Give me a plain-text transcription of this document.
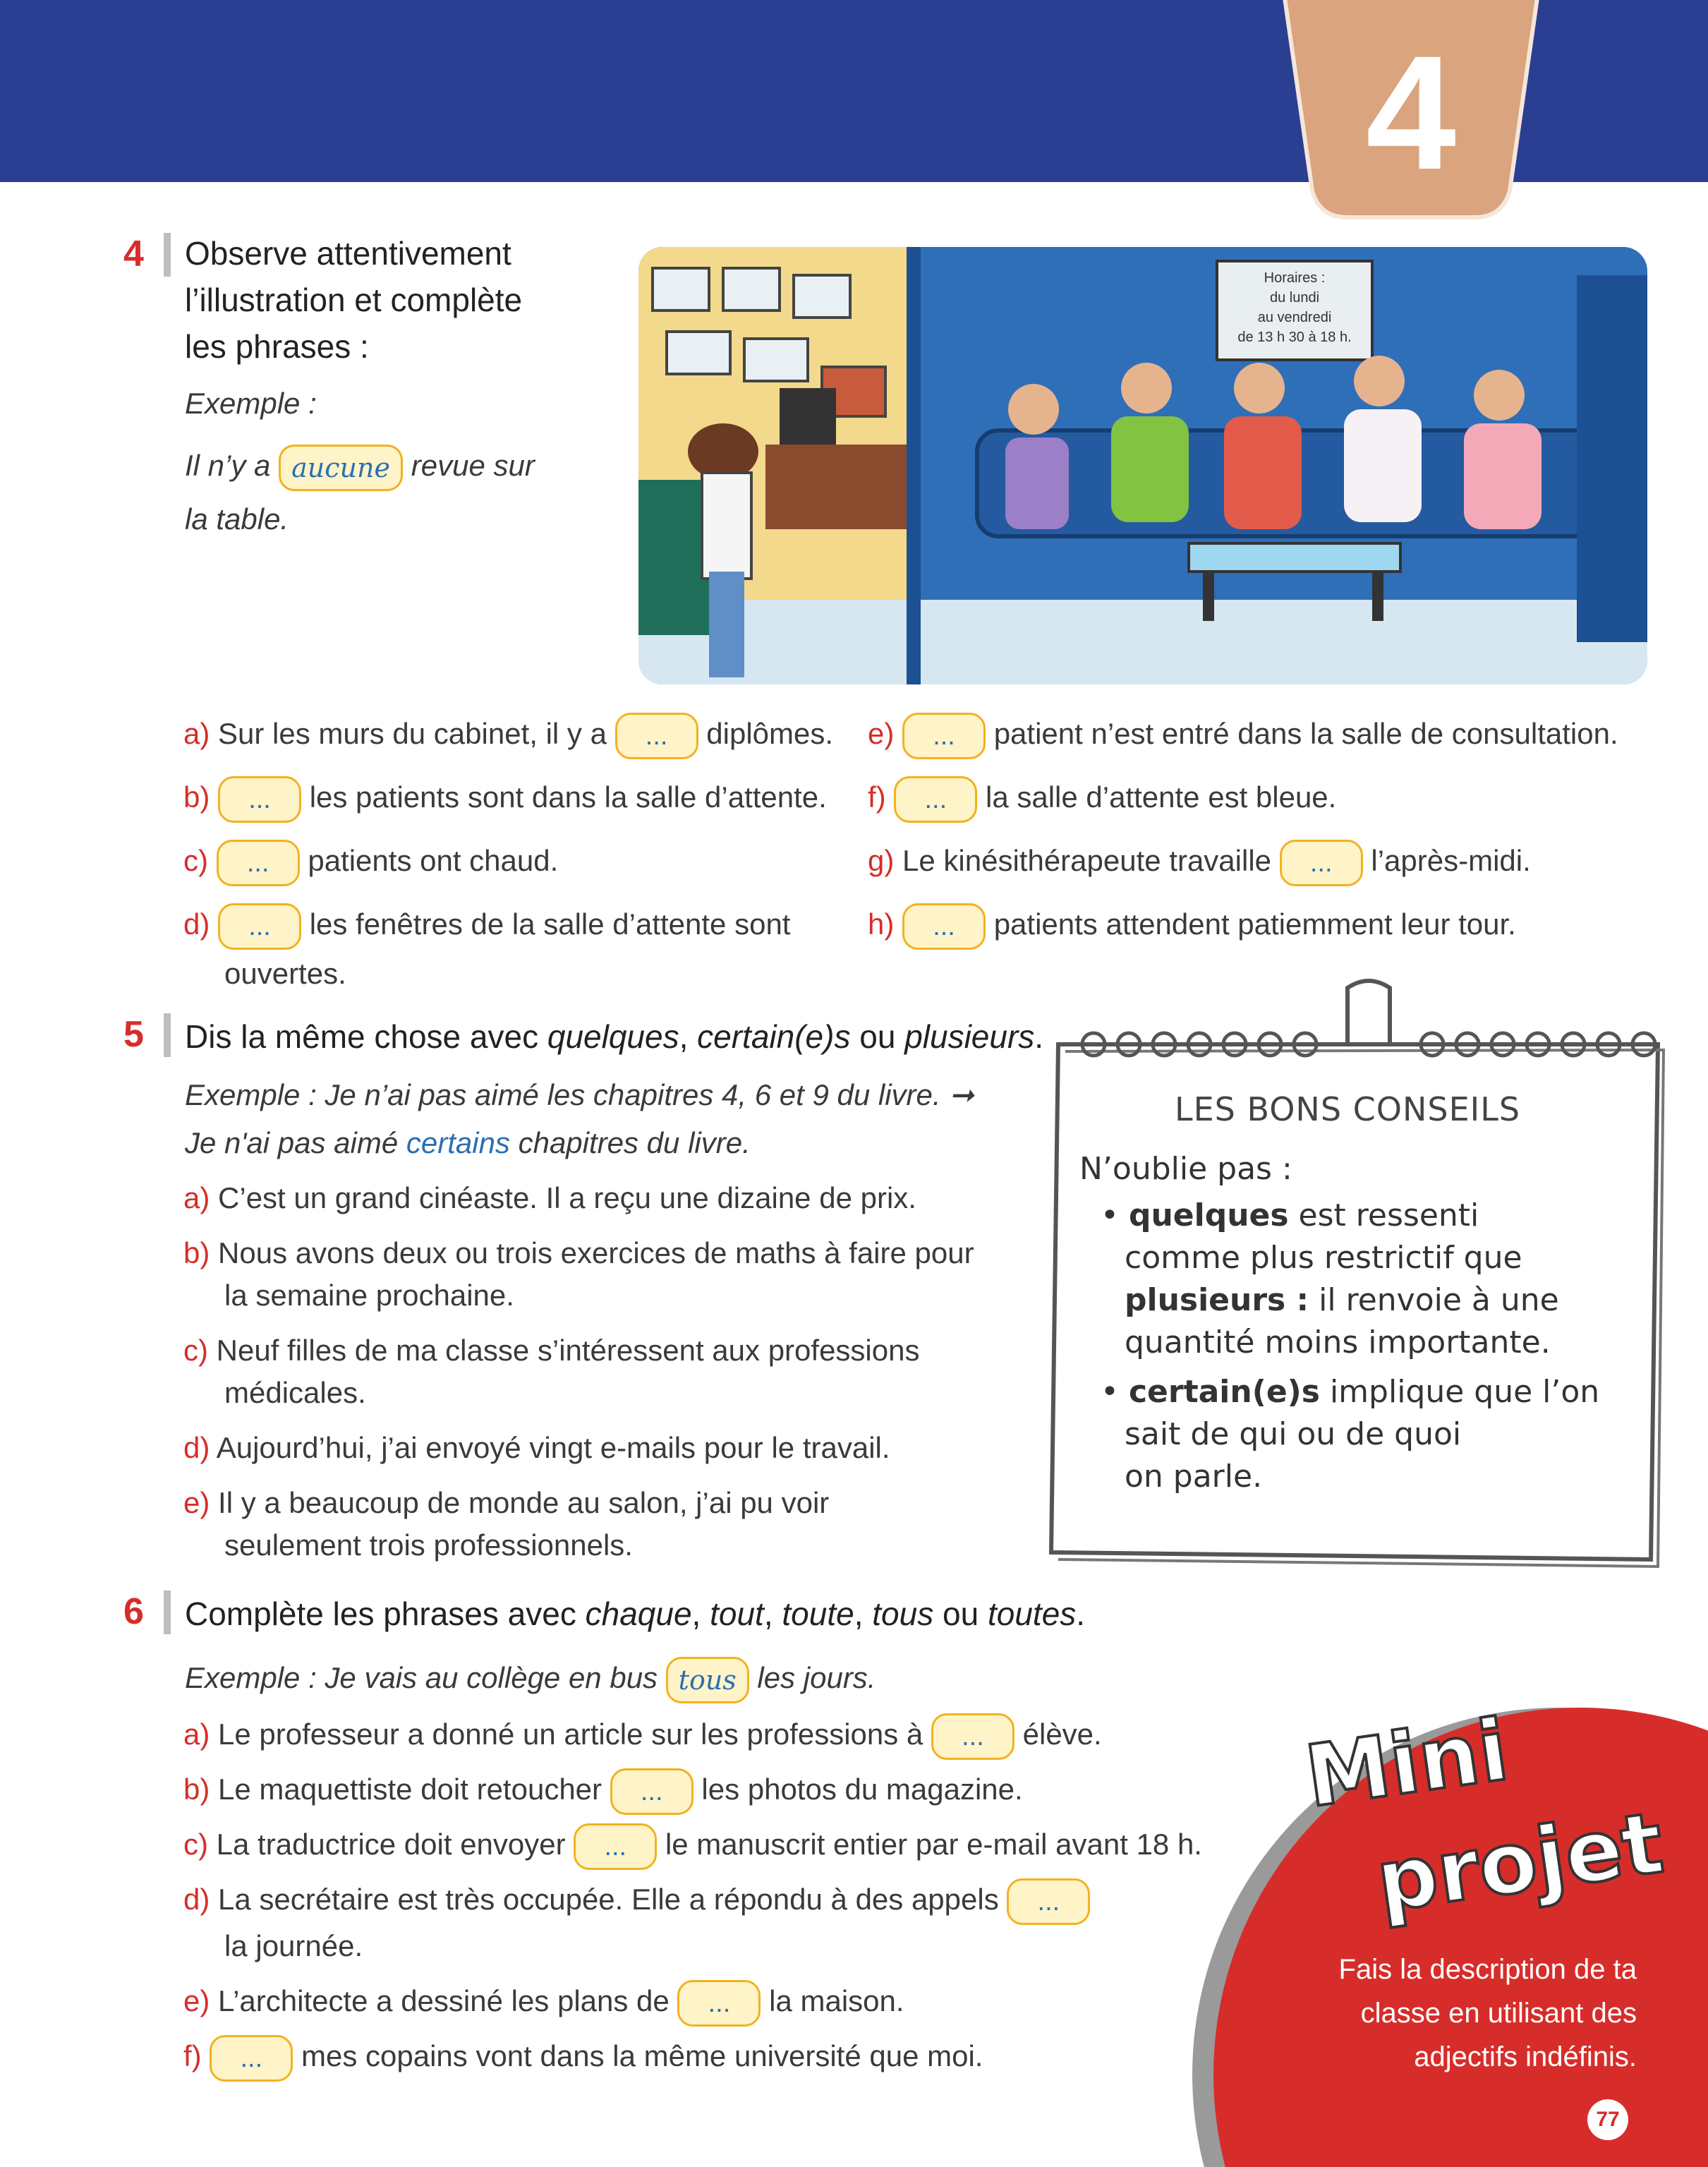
4
4 Observe attentivement
l’illustration et complète
les phrases :
Exemple :
Il n’y a aucune revue sur
la table.
Horaires :
du lundi
au vendredi
de 13 h 30 à 18 h.
a) Sur les murs du cabinet, il y a ... diplômes.
b) ... les patients sont dans la salle d’attente.
c) ... patients ont chaud.
d) ... les fenêtres de la salle d’attente sont
ouvertes.
e) ... patient n’est entré dans la salle de consultation.
f) ... la salle d’attente est bleue.
g) Le kinésithérapeute travaille ... l’après-midi.
h) ... patients attendent patiemment leur tour.
5 Dis la même chose avec quelques, certain(e)s ou plusieurs.
Exemple : Je n’ai pas aimé les chapitres 4, 6 et 9 du livre. ➞
Je n'ai pas aimé certains chapitres du livre.
a) C’est un grand cinéaste. Il a reçu une dizaine de prix.
b) Nous avons deux ou trois exercices de maths à faire pour
la semaine prochaine.
c) Neuf filles de ma classe s’intéressent aux professions
médicales.
d) Aujourd’hui, j’ai envoyé vingt e-mails pour le travail.
e) Il y a beaucoup de monde au salon, j’ai pu voir
seulement trois professionnels.
LES BONS CONSEILS
N’oublie pas :
• quelques est ressenti
comme plus restrictif que
plusieurs : il renvoie à une
quantité moins importante.
• certain(e)s implique que l’on
sait de qui ou de quoi
on parle.
6 Complète les phrases avec chaque, tout, toute, tous ou toutes.
Exemple : Je vais au collège en bus tous les jours.
a) Le professeur a donné un article sur les professions à ... élève.
b) Le maquettiste doit retoucher ... les photos du magazine.
c) La traductrice doit envoyer ... le manuscrit entier par e-mail avant 18 h.
d) La secrétaire est très occupée. Elle a répondu à des appels ...
la journée.
e) L’architecte a dessiné les plans de ... la maison.
f) ... mes copains vont dans la même université que moi.
Mini
projet
Fais la description de ta
classe en utilisant des
adjectifs indéfinis.
77
